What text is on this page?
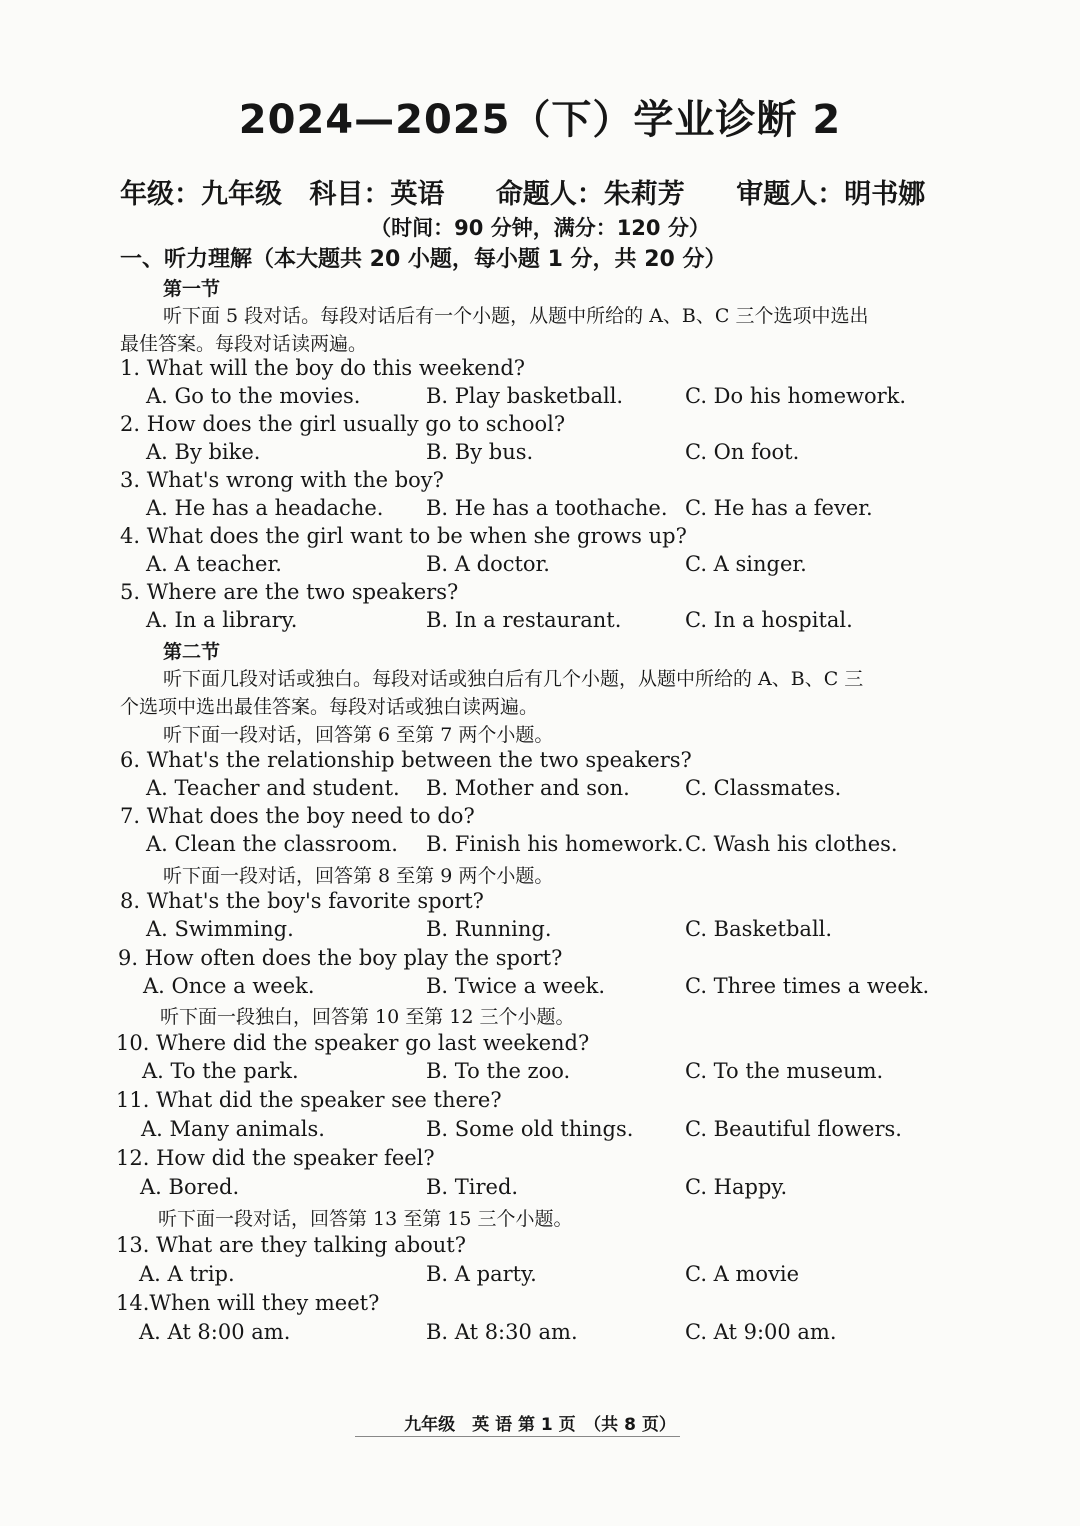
2024—2025（下）学业诊断 2
年级：九年级 科目：英语 命题人：朱莉芳 审题人：明书娜
（时间：90 分钟，满分：120 分）
一、听力理解（本大题共 20 小题，每小题 1 分，共 20 分）
第一节
听下面 5 段对话。每段对话后有一个小题，从题中所给的 A、B、C 三个选项中选出
最佳答案。每段对话读两遍。
1. What will the boy do this weekend?
A. Go to the movies.	B. Play basketball.	C. Do his homework.
2. How does the girl usually go to school?
A. By bike.	B. By bus.	C. On foot.
3. What's wrong with the boy?
A. He has a headache. B. He has a toothache. C. He has a fever.
4. What does the girl want to be when she grows up?
A. A teacher.	B. A doctor.	C. A singer.
5. Where are the two speakers?
A. In a library.	B. In a restaurant.	C. In a hospital.
第二节
听下面几段对话或独白。每段对话或独白后有几个小题，从题中所给的 A、B、C 三
个选项中选出最佳答案。每段对话或独白读两遍。
听下面一段对话，回答第 6 至第 7 两个小题。
6. What's the relationship between the two speakers?
A. Teacher and student. B. Mother and son.	C. Classmates.
7. What does the boy need to do?
A. Clean the classroom. B. Finish his homework. C. Wash his clothes.
听下面一段对话，回答第 8 至第 9 两个小题。
8. What's the boy's favorite sport?
A. Swimming.	B. Running.	C. Basketball.
9. How often does the boy play the sport?
A. Once a week.	B. Twice a week.	C. Three times a week.
听下面一段独白，回答第 10 至第 12 三个小题。
10. Where did the speaker go last weekend?
A. To the park.	B. To the zoo.	C. To the museum.
11. What did the speaker see there?
A. Many animals.	B. Some old things. C. Beautiful flowers.
12. How did the speaker feel?
A. Bored.	B. Tired.	C. Happy.
听下面一段对话，回答第 13 至第 15 三个小题。
13. What are they talking about?
A. A trip.	B. A party.	C. A movie
14.When will they meet?
A. At 8:00 am.	B. At 8:30 am.	C. At 9:00 am.
九年级　英 语 第 1 页　（共 8 页）
